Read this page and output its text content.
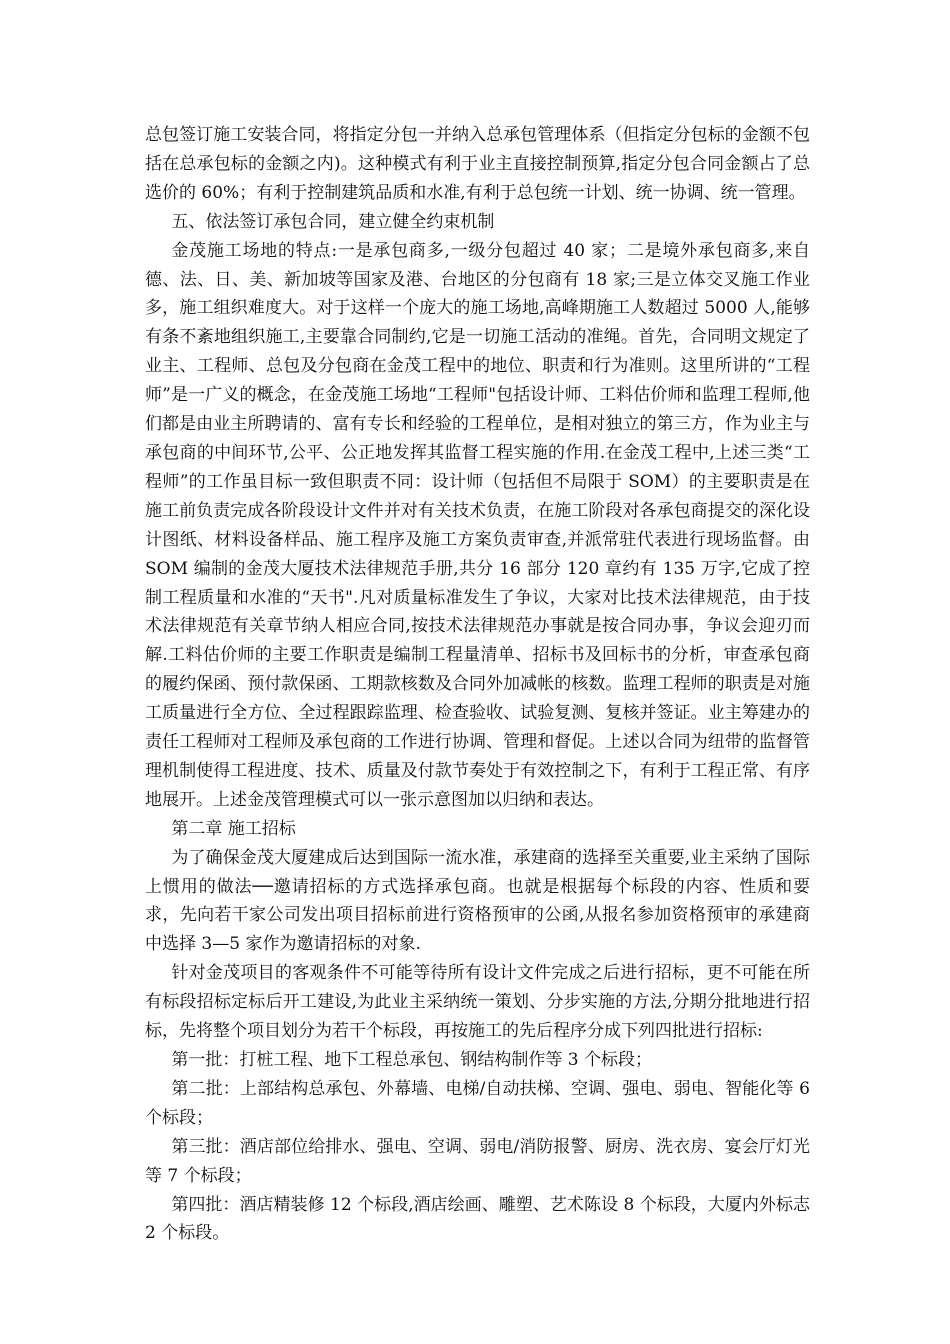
总包签订施工安装合同，将指定分包一并纳入总承包管理体系（但指定分包标的金额不包括在总承包标的金额之内)。这种模式有利于业主直接控制预算,指定分包合同金额占了总选价的 60%；有利于控制建筑品质和水准,有利于总包统一计划、统一协调、统一管理。

五、依法签订承包合同，建立健全约束机制

金茂施工场地的特点:一是承包商多,一级分包超过 40 家；二是境外承包商多,来自德、法、日、美、新加坡等国家及港、台地区的分包商有 18 家;三是立体交叉施工作业多，施工组织难度大。对于这样一个庞大的施工场地,高峰期施工人数超过 5000 人,能够有条不紊地组织施工,主要靠合同制约,它是一切施工活动的准绳。首先，合同明文规定了业主、工程师、总包及分包商在金茂工程中的地位、职责和行为准则。这里所讲的“工程师”是一广义的概念，在金茂施工场地“工程师"包括设计师、工料估价师和监理工程师,他们都是由业主所聘请的、富有专长和经验的工程单位，是相对独立的第三方，作为业主与承包商的中间环节,公平、公正地发挥其监督工程实施的作用.在金茂工程中,上述三类“工程师”的工作虽目标一致但职责不同：设计师（包括但不局限于 SOM）的主要职责是在施工前负责完成各阶段设计文件并对有关技术负责，在施工阶段对各承包商提交的深化设计图纸、材料设备样品、施工程序及施工方案负责审查,并派常驻代表进行现场监督。由 SOM 编制的金茂大厦技术法律规范手册,共分 16 部分 120 章约有 135 万字,它成了控制工程质量和水准的“天书".凡对质量标准发生了争议，大家对比技术法律规范，由于技术法律规范有关章节纳人相应合同,按技术法律规范办事就是按合同办事，争议会迎刃而解.工料估价师的主要工作职责是编制工程量清单、招标书及回标书的分析，审查承包商的履约保函、预付款保函、工期款核数及合同外加减帐的核数。监理工程师的职责是对施工质量进行全方位、全过程跟踪监理、检查验收、试验复测、复核并签证。业主筹建办的责任工程师对工程师及承包商的工作进行协调、管理和督促。上述以合同为纽带的监督管理机制使得工程进度、技术、质量及付款节奏处于有效控制之下，有利于工程正常、有序地展开。上述金茂管理模式可以一张示意图加以归纳和表达。

第二章 施工招标

为了确保金茂大厦建成后达到国际一流水准，承建商的选择至关重要,业主采纳了国际上惯用的做法──邀请招标的方式选择承包商。也就是根据每个标段的内容、性质和要求，先向若干家公司发出项目招标前进行资格预审的公函,从报名参加资格预审的承建商中选择 3—5 家作为邀请招标的对象.

针对金茂项目的客观条件不可能等待所有设计文件完成之后进行招标，更不可能在所有标段招标定标后开工建设,为此业主采纳统一策划、分步实施的方法,分期分批地进行招标，先将整个项目划分为若干个标段，再按施工的先后程序分成下列四批进行招标:

第一批：打桩工程、地下工程总承包、钢结构制作等 3 个标段；

第二批：上部结构总承包、外幕墙、电梯/自动扶梯、空调、强电、弱电、智能化等 6 个标段；

第三批：酒店部位给排水、强电、空调、弱电/消防报警、厨房、洗衣房、宴会厅灯光等 7 个标段；

第四批：酒店精装修 12 个标段,酒店绘画、雕塑、艺术陈设 8 个标段，大厦内外标志 2 个标段。
